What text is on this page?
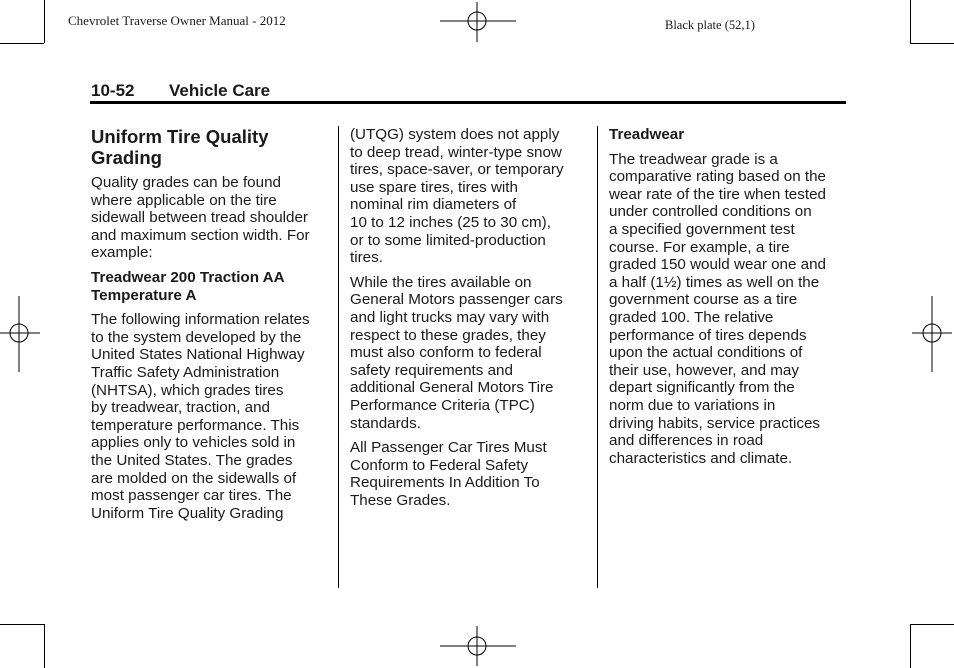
Chevrolet Traverse Owner Manual - 2012	Black plate (52,1)
10-52 Vehicle Care
Uniform Tire Quality
Grading

Quality grades can be found
where applicable on the tire
sidewall between tread shoulder
and maximum section width. For
example:

Treadwear 200 Traction AA
Temperature A

The following information relates
to the system developed by the
United States National Highway
Traffic Safety Administration
(NHTSA), which grades tires
by treadwear, traction, and
temperature performance. This
applies only to vehicles sold in
the United States. The grades
are molded on the sidewalls of
most passenger car tires. The
Uniform Tire Quality Grading

(UTQG) system does not apply
to deep tread, winter-type snow
tires, space-saver, or temporary
use spare tires, tires with
nominal rim diameters of
10 to 12 inches (25 to 30 cm),
or to some limited-production
tires.

While the tires available on
General Motors passenger cars
and light trucks may vary with
respect to these grades, they
must also conform to federal
safety requirements and
additional General Motors Tire
Performance Criteria (TPC)
standards.

All Passenger Car Tires Must
Conform to Federal Safety
Requirements In Addition To
These Grades.

Treadwear

The treadwear grade is a
comparative rating based on the
wear rate of the tire when tested
under controlled conditions on
a specified government test
course. For example, a tire
graded 150 would wear one and
a half (1½) times as well on the
government course as a tire
graded 100. The relative
performance of tires depends
upon the actual conditions of
their use, however, and may
depart significantly from the
norm due to variations in
driving habits, service practices
and differences in road
characteristics and climate.
